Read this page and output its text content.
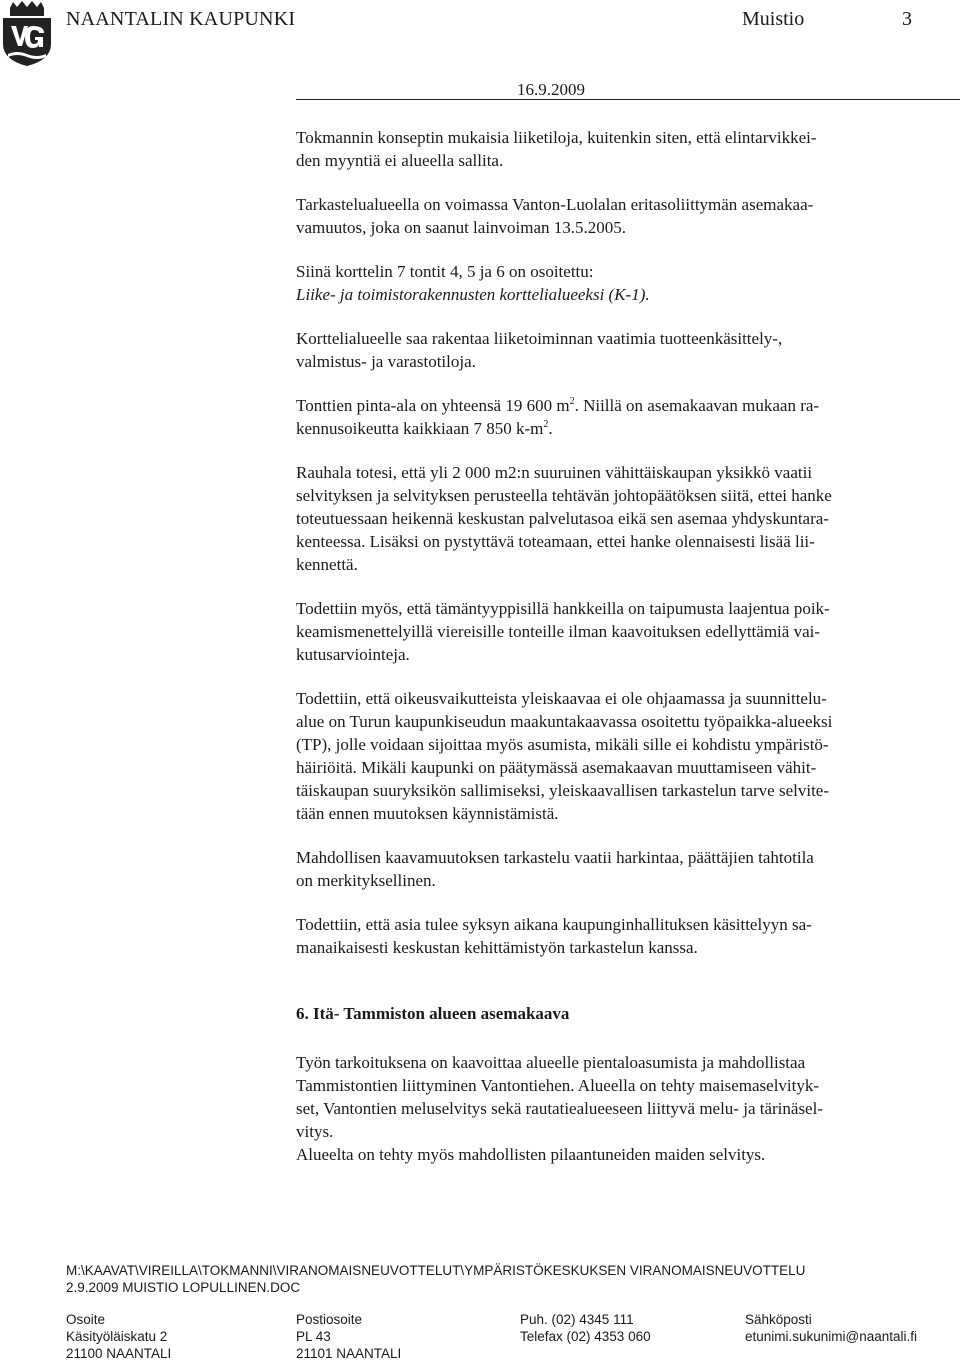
NAANTALIN KAUPUNKI	Muistio	3
16.9.2009

Tokmannin konseptin mukaisia liiketiloja, kuitenkin siten, että elintarvikkei-
den myyntiä ei alueella sallita.

Tarkastelualueella on voimassa Vanton-Luolalan eritasoliittymän asemakaa-
vamuutos, joka on saanut lainvoiman 13.5.2005.

Siinä korttelin 7 tontit 4, 5 ja 6 on osoitettu:
Liike- ja toimistorakennusten korttelialueeksi (K-1).

Korttelialueelle saa rakentaa liiketoiminnan vaatimia tuotteenkäsittely-,
valmistus- ja varastotiloja.

Tonttien pinta-ala on yhteensä 19 600 $m^2$. Niillä on asemakaavan mukaan ra-
kennusoikeutta kaikkiaan 7 850 $k-m^2$.

Rauhala totesi, että yli 2 000 m2:n suuruinen vähittäiskaupan yksikkö vaatii
selvityksen ja selvityksen perusteella tehtävän johtopäätöksen siitä, ettei hanke
toteutuessaan heikennä keskustan palvelutasoa eikä sen asemaa yhdyskuntara-
kenteessa. Lisäksi on pystyttävä toteamaan, ettei hanke olennaisesti lisää lii-
kennettä.

Todettiin myös, että tämäntyyppisillä hankkeilla on taipumusta laajentua poik-
keamismenettelyillä viereisille tonteille ilman kaavoituksen edellyttämiä vai-
kutusarviointeja.

Todettiin, että oikeusvaikutteista yleiskaavaa ei ole ohjaamassa ja suunnittelu-
alue on Turun kaupunkiseudun maakuntakaavassa osoitettu työpaikka-alueeksi
(TP), jolle voidaan sijoittaa myös asumista, mikäli sille ei kohdistu ympäristö-
häiriöitä. Mikäli kaupunki on päätymässä asemakaavan muuttamiseen vähit-
täiskaupan suuryksikön sallimiseksi, yleiskaavallisen tarkastelun tarve selvite-
tään ennen muutoksen käynnistämistä.

Mahdollisen kaavamuutoksen tarkastelu vaatii harkintaa, päättäjien tahtotila
on merkityksellinen.

Todettiin, että asia tulee syksyn aikana kaupunginhallituksen käsittelyyn sa-
manaikaisesti keskustan kehittämistyön tarkastelun kanssa.

6. Itä- Tammiston alueen asemakaava

Työn tarkoituksena on kaavoittaa alueelle pientaloasumista ja mahdollistaa
Tammistontien liittyminen Vantontiehen. Alueella on tehty maisemaselvityk-
set, Vantontien meluselvitys sekä rautatiealueeseen liittyvä melu- ja tärinäsel-
vitys.
Alueelta on tehty myös mahdollisten pilaantuneiden maiden selvitys.

M:\KAAVAT\VIREILLA\TOKMANNI\VIRANOMAISNEUVOTTELUT\YMPÄRISTÖKESKUKSEN VIRANOMAISNEUVOTTELU
2.9.2009 MUISTIO LOPULLINEN.DOC
Osoite
Käsityöläiskatu 2
21100 NAANTALI
Postiosoite
PL 43
21101 NAANTALI
Puh. (02) 4345 111
Telefax (02) 4353 060
Sähköposti
etunimi.sukunimi@naantali.fi
